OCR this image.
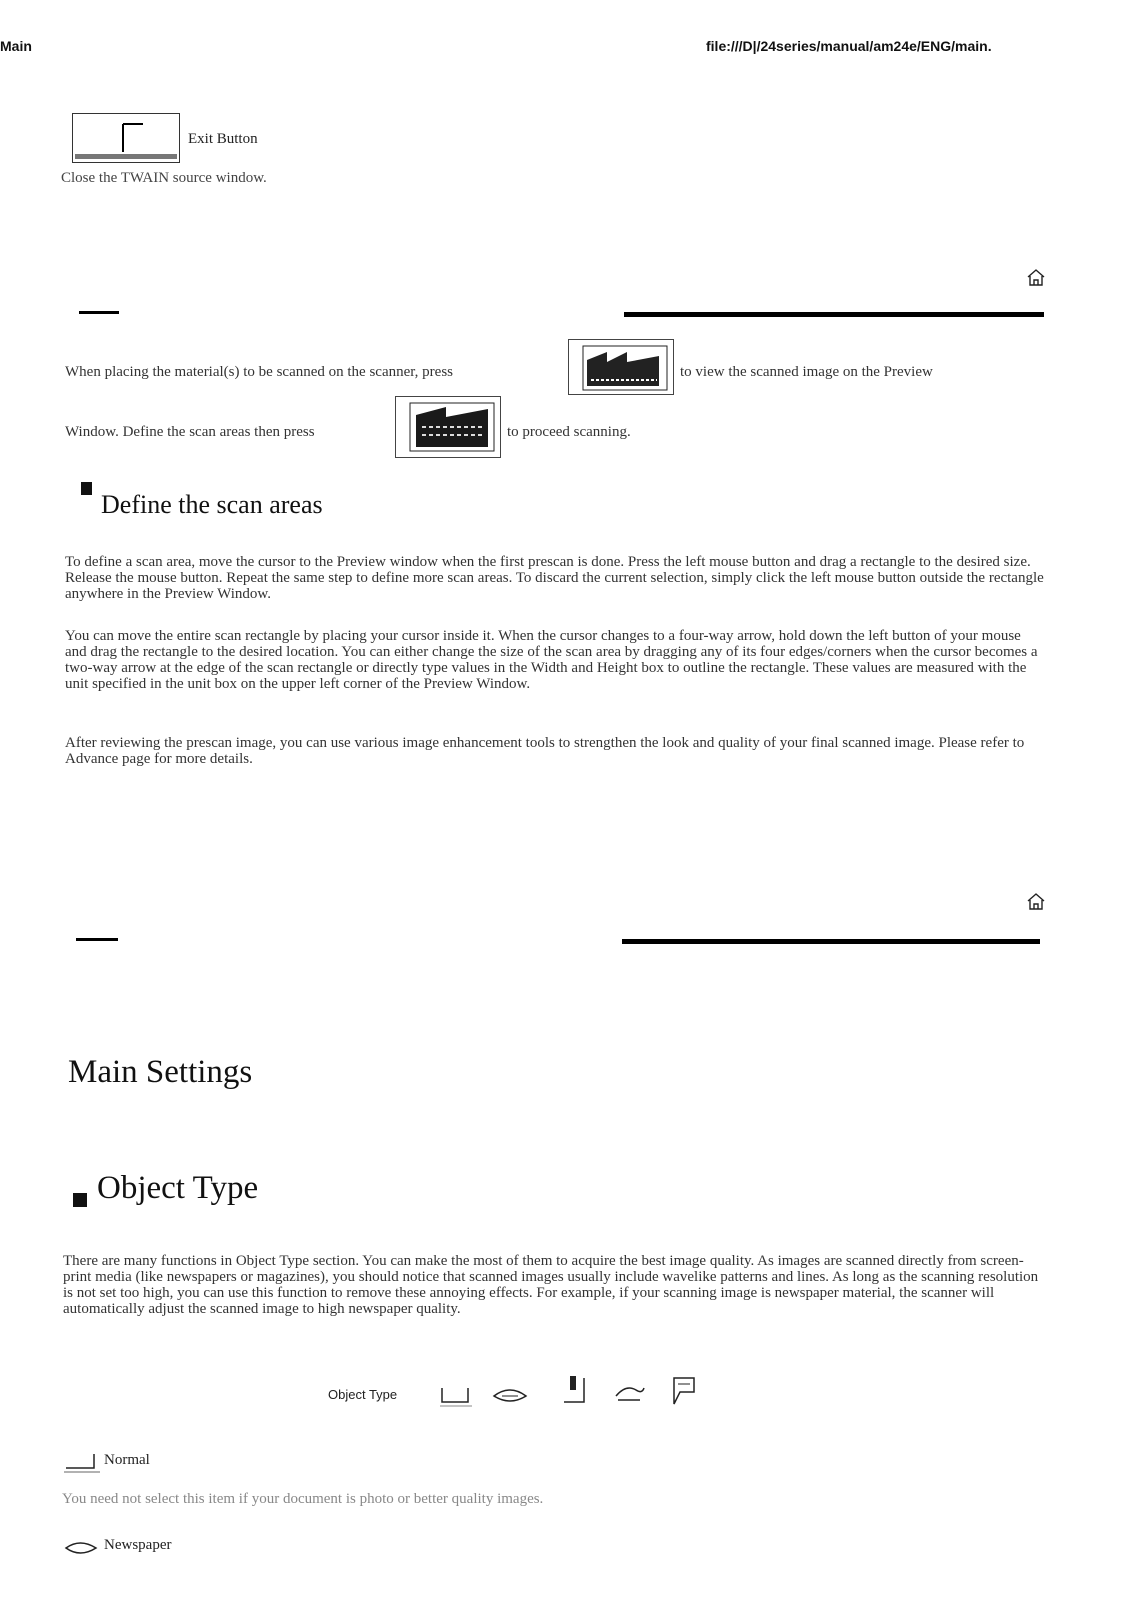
Main	file:///D|/24series/manual/am24e/ENG/main.
Exit Button
Close the TWAIN source window.
When placing the material(s) to be scanned on the scanner, press	to view the scanned image on the Preview
Window. Define the scan areas then press	to proceed scanning.
Define the scan areas
To define a scan area, move the cursor to the Preview window when the first prescan is done. Press the left mouse button and drag a rectangle to the desired size. Release the mouse button. Repeat the same step to define more scan areas. To discard the current selection, simply click the left mouse button outside the rectangle anywhere in the Preview Window.
You can move the entire scan rectangle by placing your cursor inside it. When the cursor changes to a four-way arrow, hold down the left button of your mouse and drag the rectangle to the desired location. You can either change the size of the scan area by dragging any of its four edges/corners when the cursor becomes a two-way arrow at the edge of the scan rectangle or directly type values in the Width and Height box to outline the rectangle. These values are measured with the unit specified in the unit box on the upper left corner of the Preview Window.
After reviewing the prescan image, you can use various image enhancement tools to strengthen the look and quality of your final scanned image. Please refer to Advance page for more details.
Main Settings
Object Type
There are many functions in Object Type section. You can make the most of them to acquire the best image quality. As images are scanned directly from screen-print media (like newspapers or magazines), you should notice that scanned images usually include wavelike patterns and lines. As long as the scanning resolution is not set too high, you can use this function to remove these annoying effects. For example, if your scanning image is newspaper material, the scanner will automatically adjust the scanned image to high newspaper quality.
Object Type
Normal
You need not select this item if your document is photo or better quality images.
Newspaper
